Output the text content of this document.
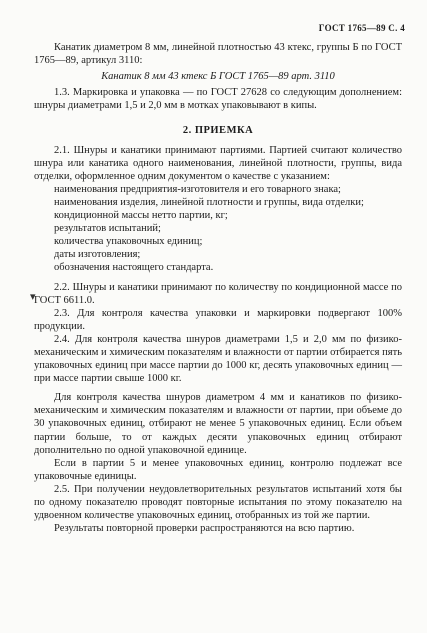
ГОСТ 1765—89 С. 4
▾

Канатик диаметром 8 мм, линейной плотностью 43 ктекс, группы Б по ГОСТ 1765—89, артикул 3110:

Канатик 8 мм 43 ктекс Б ГОСТ 1765—89 арт. 3110

1.3. Маркировка и упаковка — по ГОСТ 27628 со следующим дополнением: шнуры диаметрами 1,5 и 2,0 мм в мотках упаковывают в кипы.

2. ПРИЕМКА

2.1. Шнуры и канатики принимают партиями. Партией считают количество шнура или канатика одного наименования, линейной плотности, группы, вида отделки, оформленное одним документом о качестве с указанием:

наименования предприятия-изготовителя и его товарного знака;

наименования изделия, линейной плотности и группы, вида отделки;

кондиционной массы нетто партии, кг;

результатов испытаний;

количества упаковочных единиц;

даты изготовления;

обозначения настоящего стандарта.

2.2. Шнуры и канатики принимают по количеству по кондиционной массе по ГОСТ 6611.0.

2.3. Для контроля качества упаковки и маркировки подвергают 100% продукции.

2.4. Для контроля качества шнуров диаметрами 1,5 и 2,0 мм по физико-механическим и химическим показателям и влажности от партии отбирается пять упаковочных единиц при массе партии до 1000 кг, десять упаковочных единиц — при массе партии свыше 1000 кг.

Для контроля качества шнуров диаметром 4 мм и канатиков по физико-механическим и химическим показателям и влажности от партии, при объеме до 30 упаковочных единиц, отбирают не менее 5 упаковочных единиц. Если объем партии больше, то от каждых десяти упаковочных единиц отбирают дополнительно по одной упаковочной единице.

Если в партии 5 и менее упаковочных единиц, контролю подлежат все упаковочные единицы.

2.5. При получении неудовлетворительных результатов испытаний хотя бы по одному показателю проводят повторные испытания по этому показателю на удвоенном количестве упаковочных единиц, отобранных из той же партии.

Результаты повторной проверки распространяются на всю партию.
